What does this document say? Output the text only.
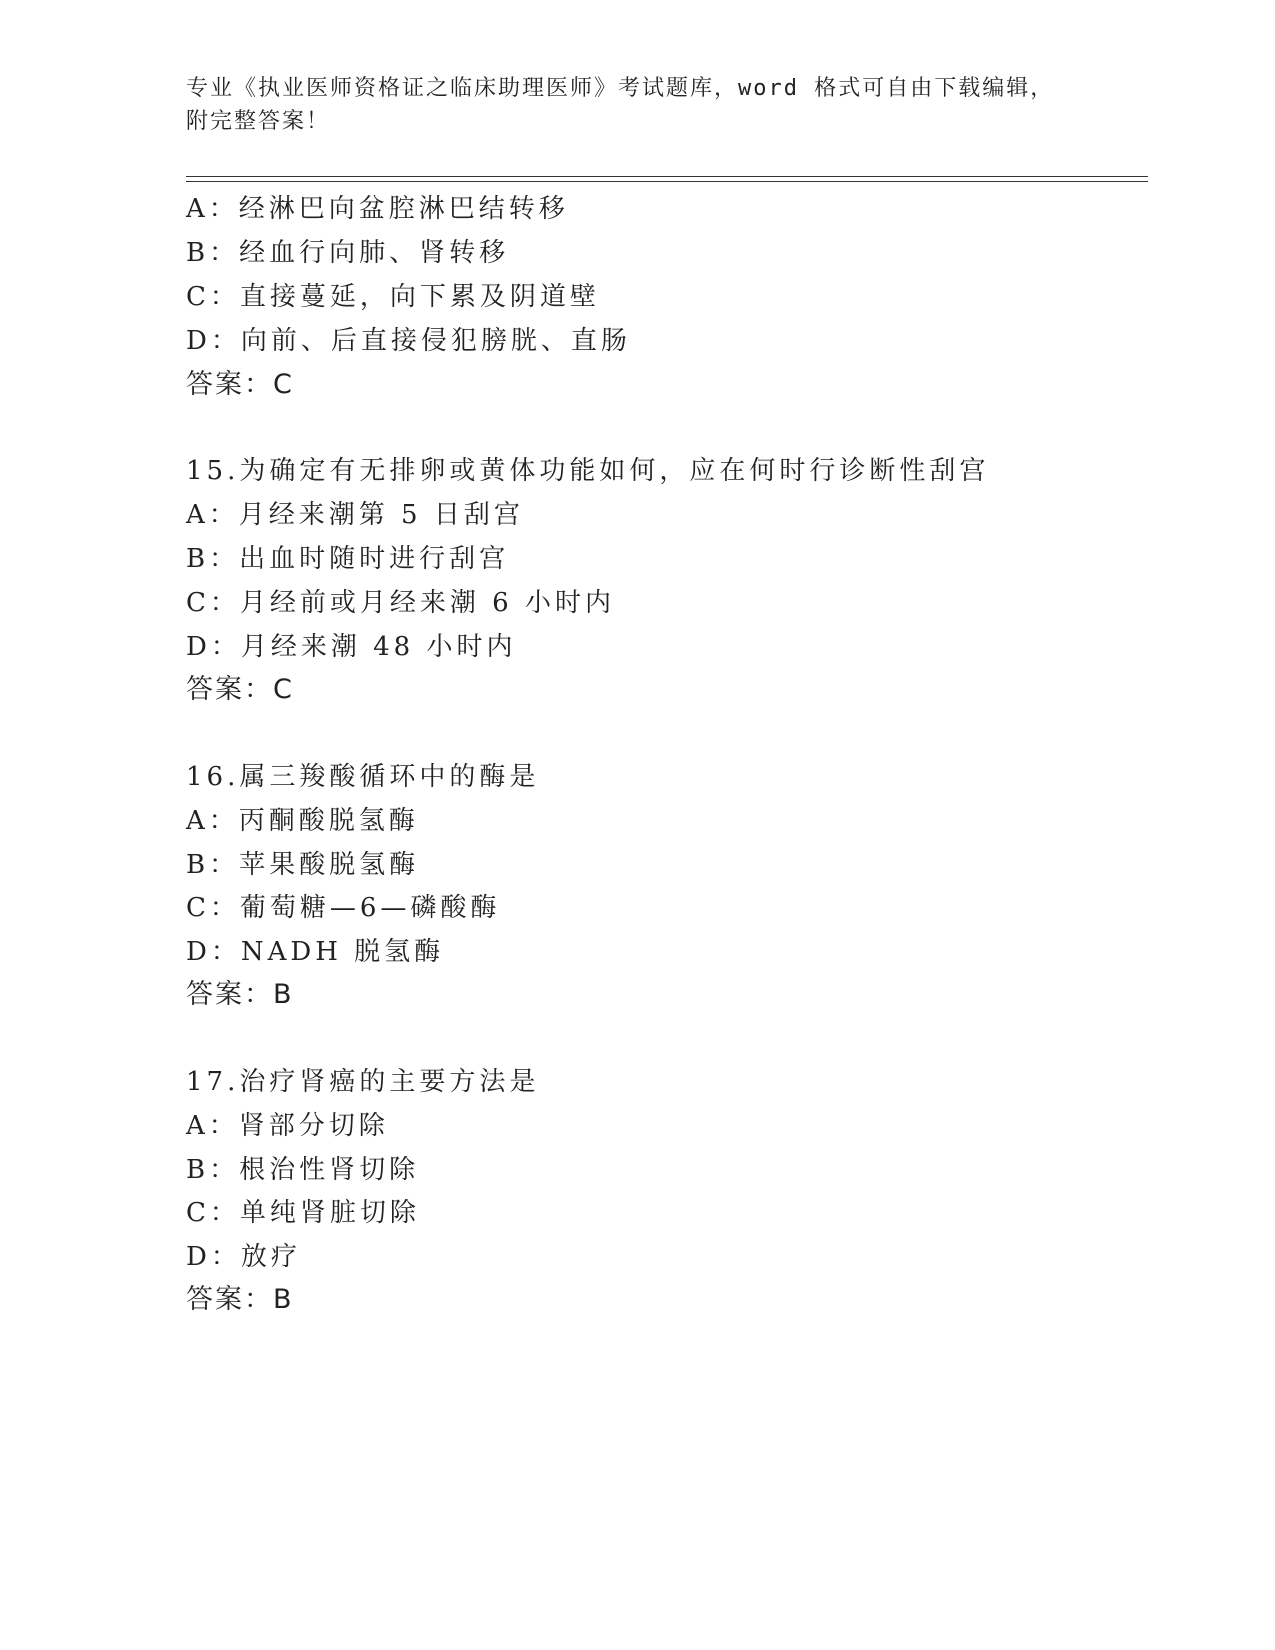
专业《执业医师资格证之临床助理医师》考试题库，word 格式可自由下载编辑，
附完整答案！
A：经淋巴向盆腔淋巴结转移
B：经血行向肺、肾转移
C：直接蔓延，向下累及阴道壁
D：向前、后直接侵犯膀胱、直肠
答案：C
15.为确定有无排卵或黄体功能如何，应在何时行诊断性刮宫
A：月经来潮第 5 日刮宫
B：出血时随时进行刮宫
C：月经前或月经来潮 6 小时内
D：月经来潮 48 小时内
答案：C
16.属三羧酸循环中的酶是
A：丙酮酸脱氢酶
B：苹果酸脱氢酶
C：葡萄糖—6—磷酸酶
D：NADH 脱氢酶
答案：B
17.治疗肾癌的主要方法是
A：肾部分切除
B：根治性肾切除
C：单纯肾脏切除
D：放疗
答案：B
